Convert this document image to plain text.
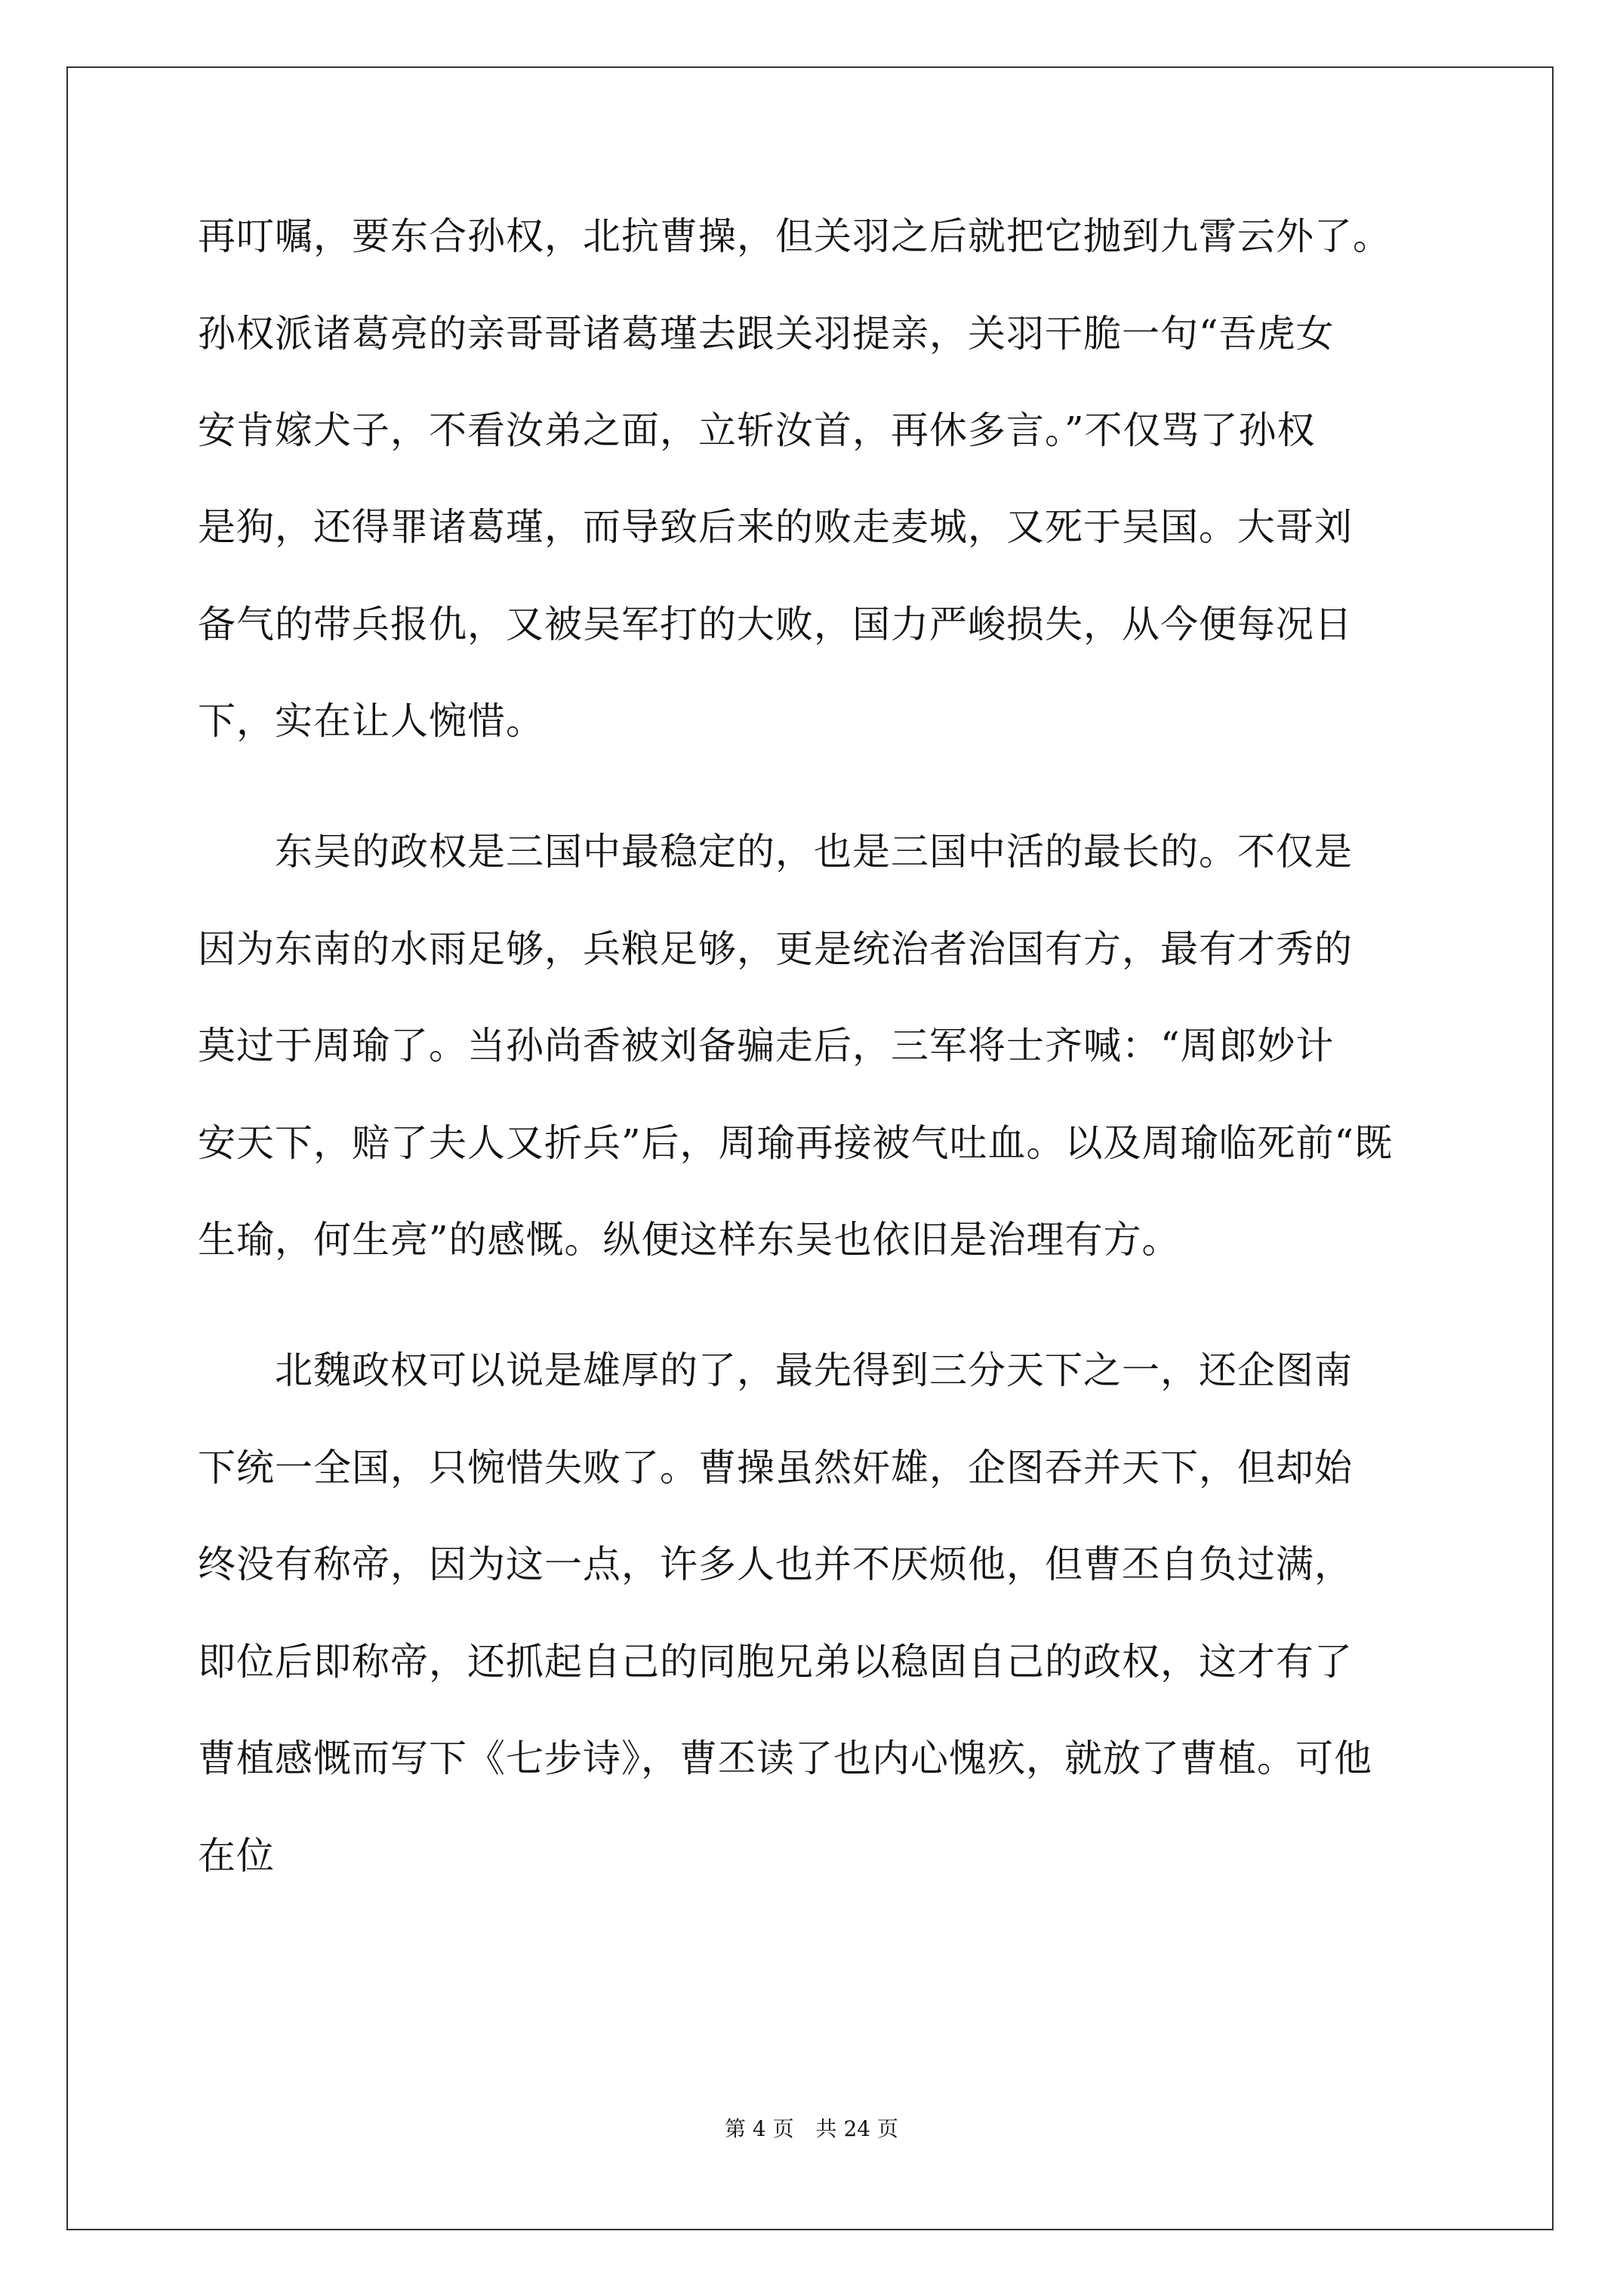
再叮嘱，要东合孙权，北抗曹操，但关羽之后就把它抛到九霄云外了。
孙权派诸葛亮的亲哥哥诸葛瑾去跟关羽提亲，关羽干脆一句“吾虎女
安肯嫁犬子，不看汝弟之面，立斩汝首，再休多言。”不仅骂了孙权
是狗，还得罪诸葛瑾，而导致后来的败走麦城，又死于吴国。大哥刘
备气的带兵报仇，又被吴军打的大败，国力严峻损失，从今便每况日
下，实在让人惋惜。
　　东吴的政权是三国中最稳定的，也是三国中活的最长的。不仅是
因为东南的水雨足够，兵粮足够，更是统治者治国有方，最有才秀的
莫过于周瑜了。当孙尚香被刘备骗走后，三军将士齐喊：“周郎妙计
安天下，赔了夫人又折兵”后，周瑜再接被气吐血。以及周瑜临死前“既
生瑜，何生亮”的感慨。纵便这样东吴也依旧是治理有方。
　　北魏政权可以说是雄厚的了，最先得到三分天下之一，还企图南
下统一全国，只惋惜失败了。曹操虽然奸雄，企图吞并天下，但却始
终没有称帝，因为这一点，许多人也并不厌烦他，但曹丕自负过满，
即位后即称帝，还抓起自己的同胞兄弟以稳固自己的政权，这才有了
曹植感慨而写下《七步诗》，曹丕读了也内心愧疚，就放了曹植。可他
在位
第 4 页 共 24 页
